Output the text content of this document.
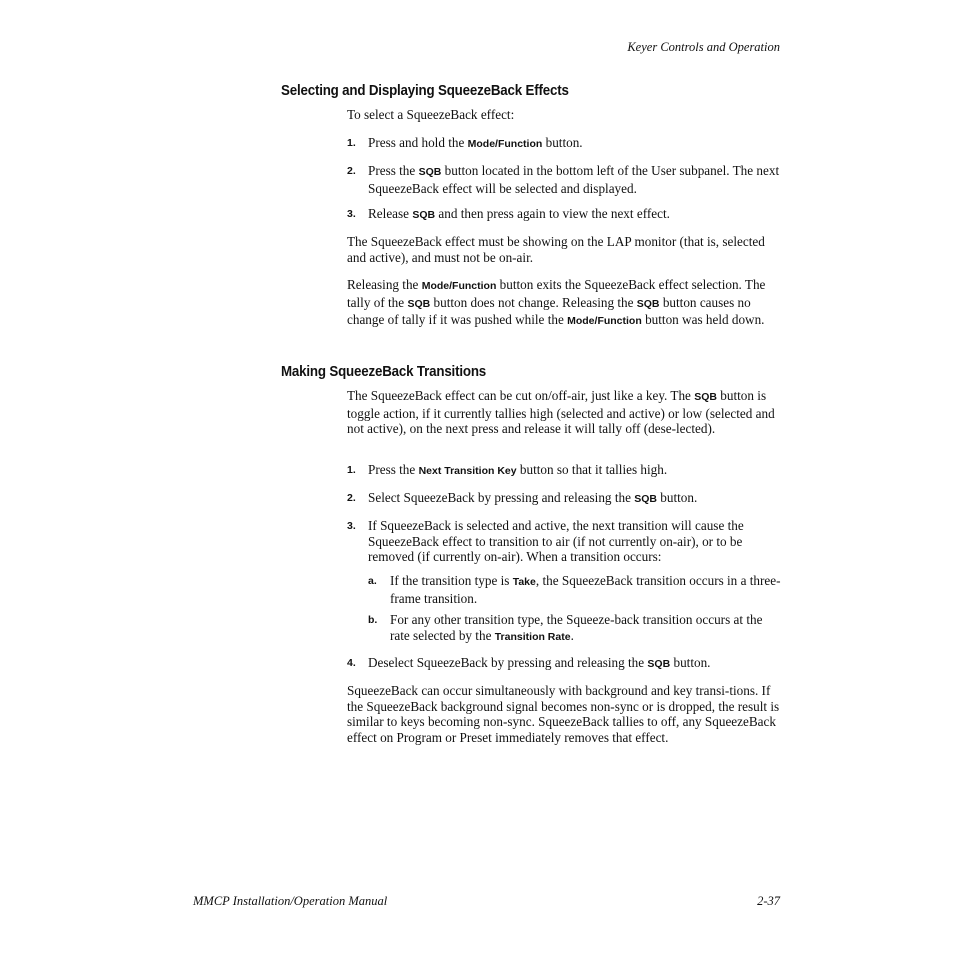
Keyer Controls and Operation
Selecting and Displaying SqueezeBack Effects
To select a SqueezeBack effect:
1. Press and hold the Mode/Function button.
2. Press the SQB button located in the bottom left of the User subpanel. The next SqueezeBack effect will be selected and displayed.
3. Release SQB and then press again to view the next effect.
The SqueezeBack effect must be showing on the LAP monitor (that is, selected and active), and must not be on-air.
Releasing the Mode/Function button exits the SqueezeBack effect selection. The tally of the SQB button does not change. Releasing the SQB button causes no change of tally if it was pushed while the Mode/Function button was held down.
Making SqueezeBack Transitions
The SqueezeBack effect can be cut on/off-air, just like a key. The SQB button is toggle action, if it currently tallies high (selected and active) or low (selected and not active), on the next press and release it will tally off (dese-lected).
1. Press the Next Transition Key button so that it tallies high.
2. Select SqueezeBack by pressing and releasing the SQB button.
3. If SqueezeBack is selected and active, the next transition will cause the SqueezeBack effect to transition to air (if not currently on-air), or to be removed (if currently on-air). When a transition occurs:
a. If the transition type is Take, the SqueezeBack transition occurs in a three-frame transition.
b. For any other transition type, the Squeeze-back transition occurs at the rate selected by the Transition Rate.
4. Deselect SqueezeBack by pressing and releasing the SQB button.
SqueezeBack can occur simultaneously with background and key transi-tions. If the SqueezeBack background signal becomes non-sync or is dropped, the result is similar to keys becoming non-sync. SqueezeBack tallies to off, any SqueezeBack effect on Program or Preset immediately removes that effect.
MMCP Installation/Operation Manual	2-37
